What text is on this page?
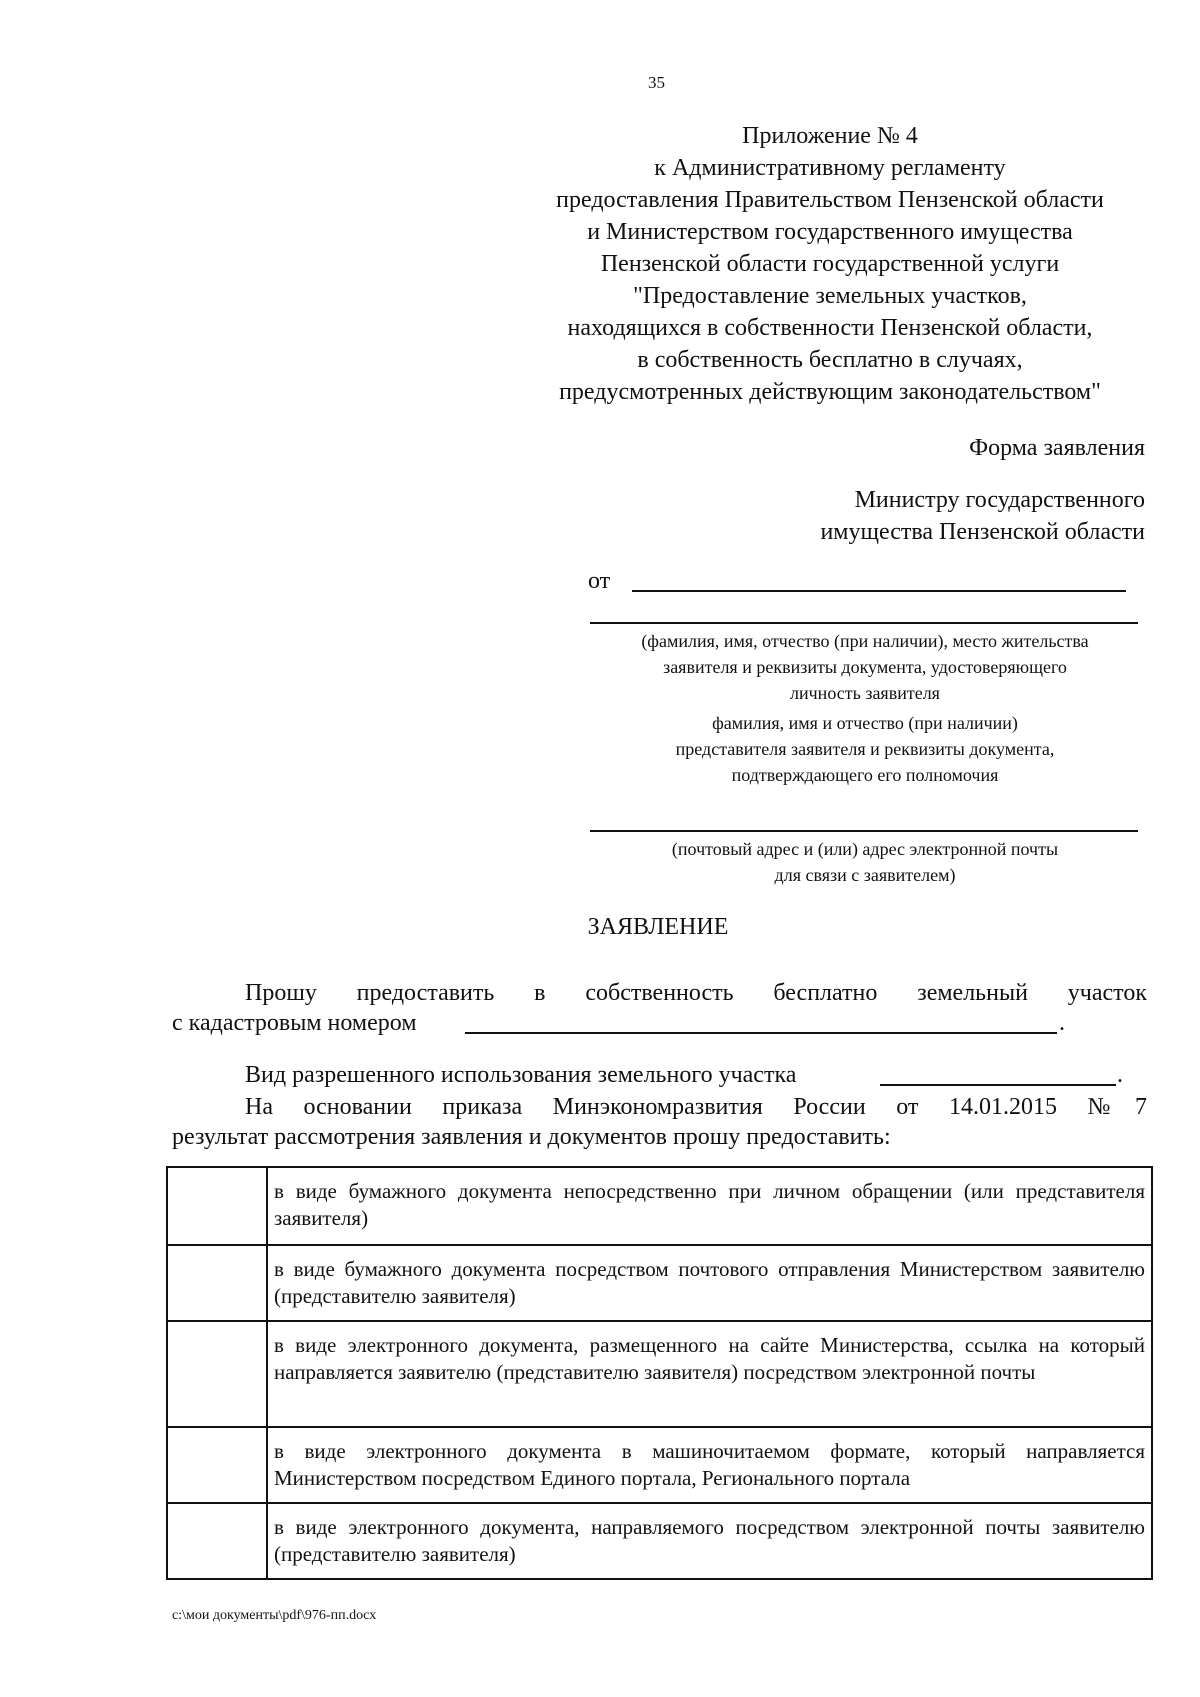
35
Приложение № 4
к Административному регламенту
предоставления Правительством Пензенской области
и Министерством государственного имущества
Пензенской области государственной услуги
"Предоставление земельных участков,
находящихся в собственности Пензенской области,
в собственность бесплатно в случаях,
предусмотренных действующим законодательством"
Форма заявления
Министру государственного
имущества Пензенской области
от
(фамилия, имя, отчество (при наличии), место жительства
заявителя и реквизиты документа, удостоверяющего
личность заявителя
фамилия, имя и отчество (при наличии)
представителя заявителя и реквизиты документа,
подтверждающего его полномочия
(почтовый адрес и (или) адрес электронной почты
для связи с заявителем)
ЗАЯВЛЕНИЕ
Прошу предоставить в собственность бесплатно земельный участок
с кадастровым номером	.
Вид разрешенного использования земельного участка	.
На основании приказа Минэкономразвития России от 14.01.2015 №7
результат рассмотрения заявления и документов прошу предоставить:
	в виде бумажного документа непосредственно при личном обращении (или представителя заявителя)
	в виде бумажного документа посредством почтового отправления Министерством заявителю (представителю заявителя)
	в виде электронного документа, размещенного на сайте Министерства, ссылка на который направляется заявителю (представителю заявителя) посредством электронной почты
	в виде электронного документа в машиночитаемом формате, который направляется Министерством посредством Единого портала, Регионального портала
	в виде электронного документа, направляемого посредством электронной почты заявителю (представителю заявителя)
c:\мои документы\pdf\976-пп.docx
